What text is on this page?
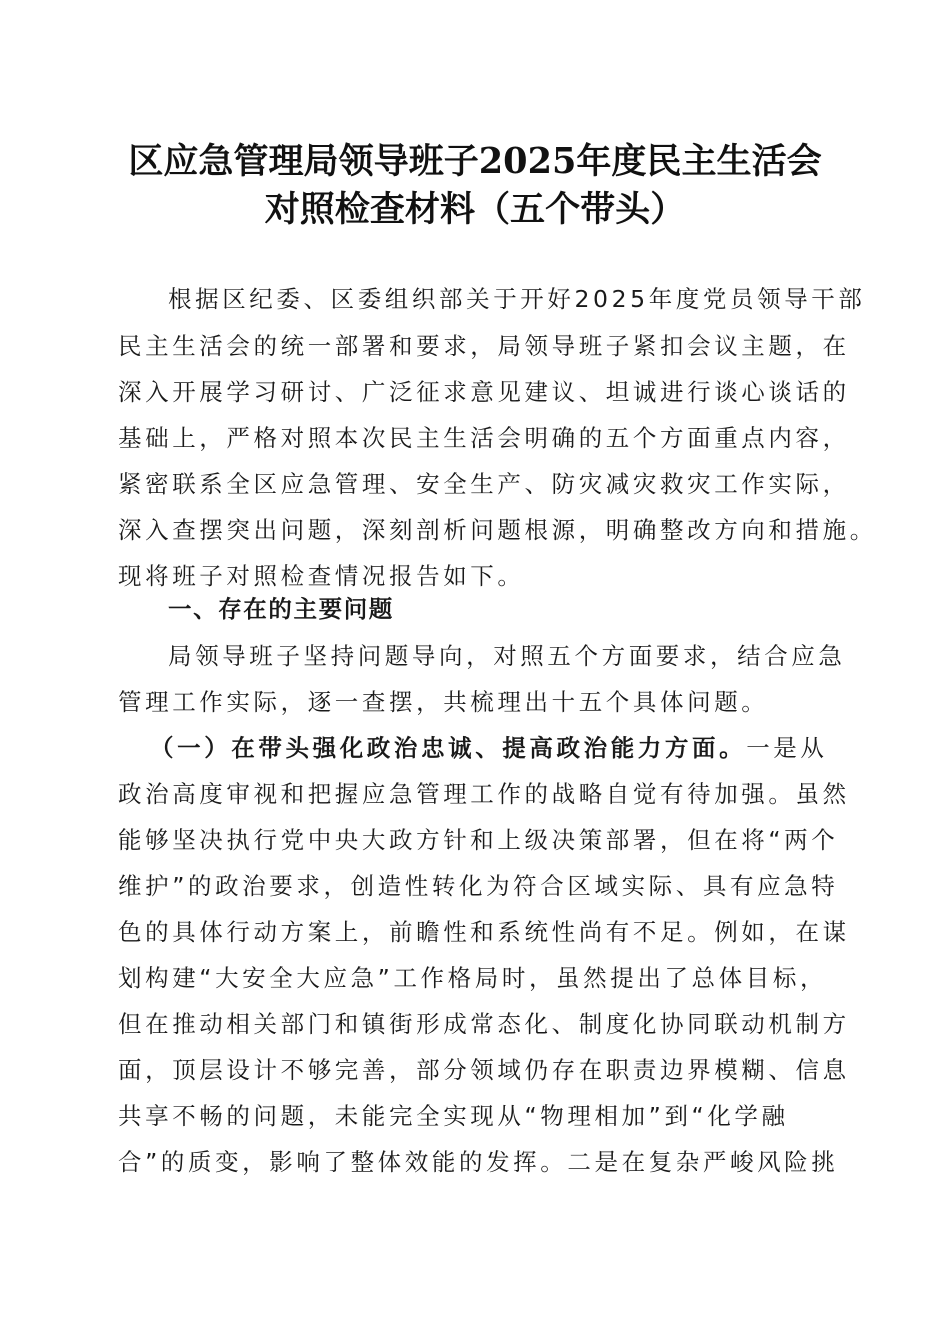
区应急管理局领导班子2025年度民主生活会
对照检查材料（五个带头）
根据区纪委、区委组织部关于开好2025年度党员领导干部
民主生活会的统一部署和要求，局领导班子紧扣会议主题，在
深入开展学习研讨、广泛征求意见建议、坦诚进行谈心谈话的
基础上，严格对照本次民主生活会明确的五个方面重点内容，
紧密联系全区应急管理、安全生产、防灾减灾救灾工作实际，
深入查摆突出问题，深刻剖析问题根源，明确整改方向和措施。
现将班子对照检查情况报告如下。
一、存在的主要问题
局领导班子坚持问题导向，对照五个方面要求，结合应急
管理工作实际，逐一查摆，共梳理出十五个具体问题。
（一）在带头强化政治忠诚、提高政治能力方面。一是从
政治高度审视和把握应急管理工作的战略自觉有待加强。虽然
能够坚决执行党中央大政方针和上级决策部署，但在将“两个
维护”的政治要求，创造性转化为符合区域实际、具有应急特
色的具体行动方案上，前瞻性和系统性尚有不足。例如，在谋
划构建“大安全大应急”工作格局时，虽然提出了总体目标，
但在推动相关部门和镇街形成常态化、制度化协同联动机制方
面，顶层设计不够完善，部分领域仍存在职责边界模糊、信息
共享不畅的问题，未能完全实现从“物理相加”到“化学融
合”的质变，影响了整体效能的发挥。二是在复杂严峻风险挑
